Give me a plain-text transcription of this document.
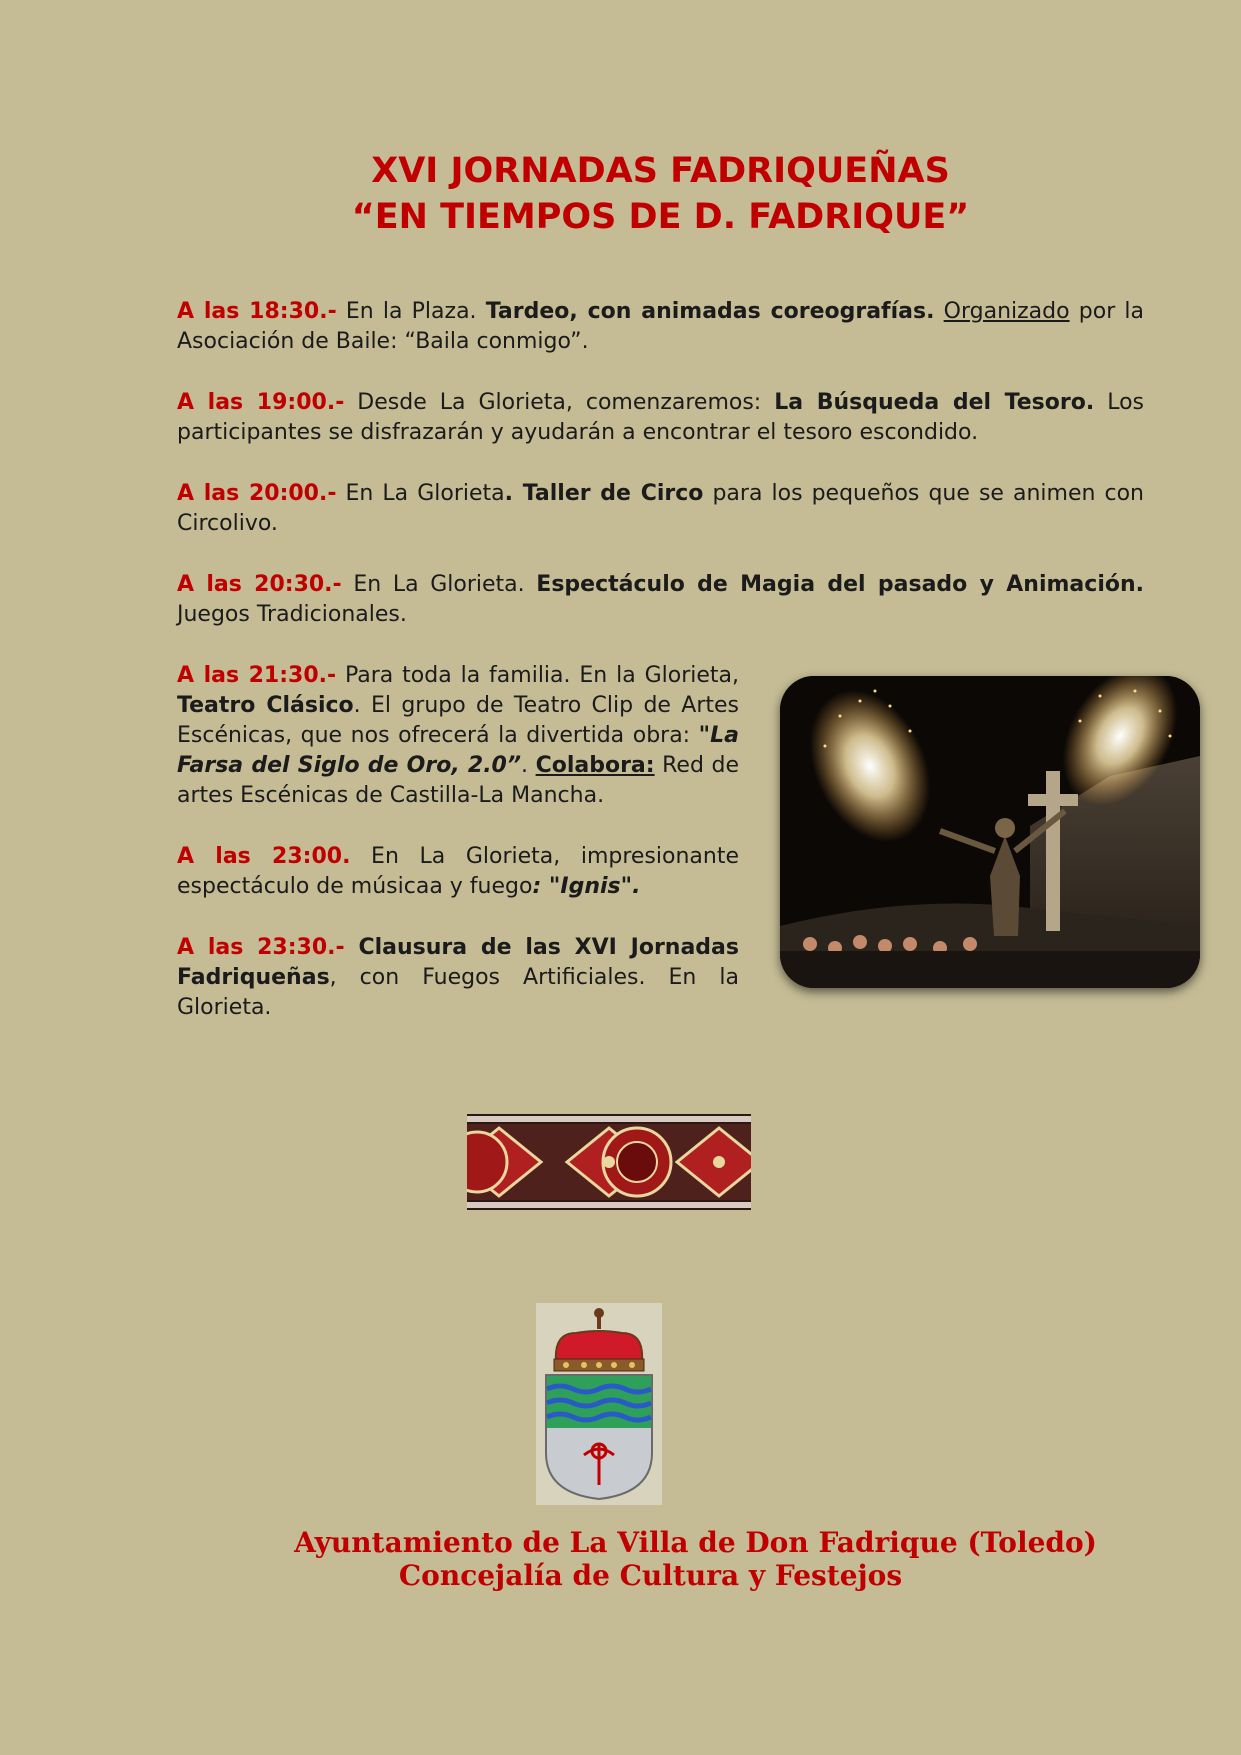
XVI JORNADAS FADRIQUEÑAS
“EN TIEMPOS DE D. FADRIQUE”
A las 18:30.- En la Plaza. Tardeo, con animadas coreografías. Organizado por la Asociación de Baile: “Baila conmigo”.
A las 19:00.- Desde La Glorieta, comenzaremos: La Búsqueda del Tesoro. Los participantes se disfrazarán y ayudarán a encontrar el tesoro escondido.
A las 20:00.- En La Glorieta. Taller de Circo para los pequeños que se animen con Circolivo.
A las 20:30.- En La Glorieta. Espectáculo de Magia del pasado y Animación. Juegos Tradicionales.
A las 21:30.- Para toda la familia. En la Glorieta, Teatro Clásico. El grupo de Teatro Clip de Artes Escénicas, que nos ofrecerá la divertida obra: "La Farsa del Siglo de Oro, 2.0”. Colabora: Red de artes Escénicas de Castilla-La Mancha.
A las 23:00. En La Glorieta, impresionante espectáculo de músicaa y fuego: "Ignis".
A las 23:30.- Clausura de las XVI Jornadas Fadriqueñas, con Fuegos Artificiales. En la Glorieta.
Ayuntamiento de La Villa de Don Fadrique (Toledo)
Concejalía de Cultura y Festejos
